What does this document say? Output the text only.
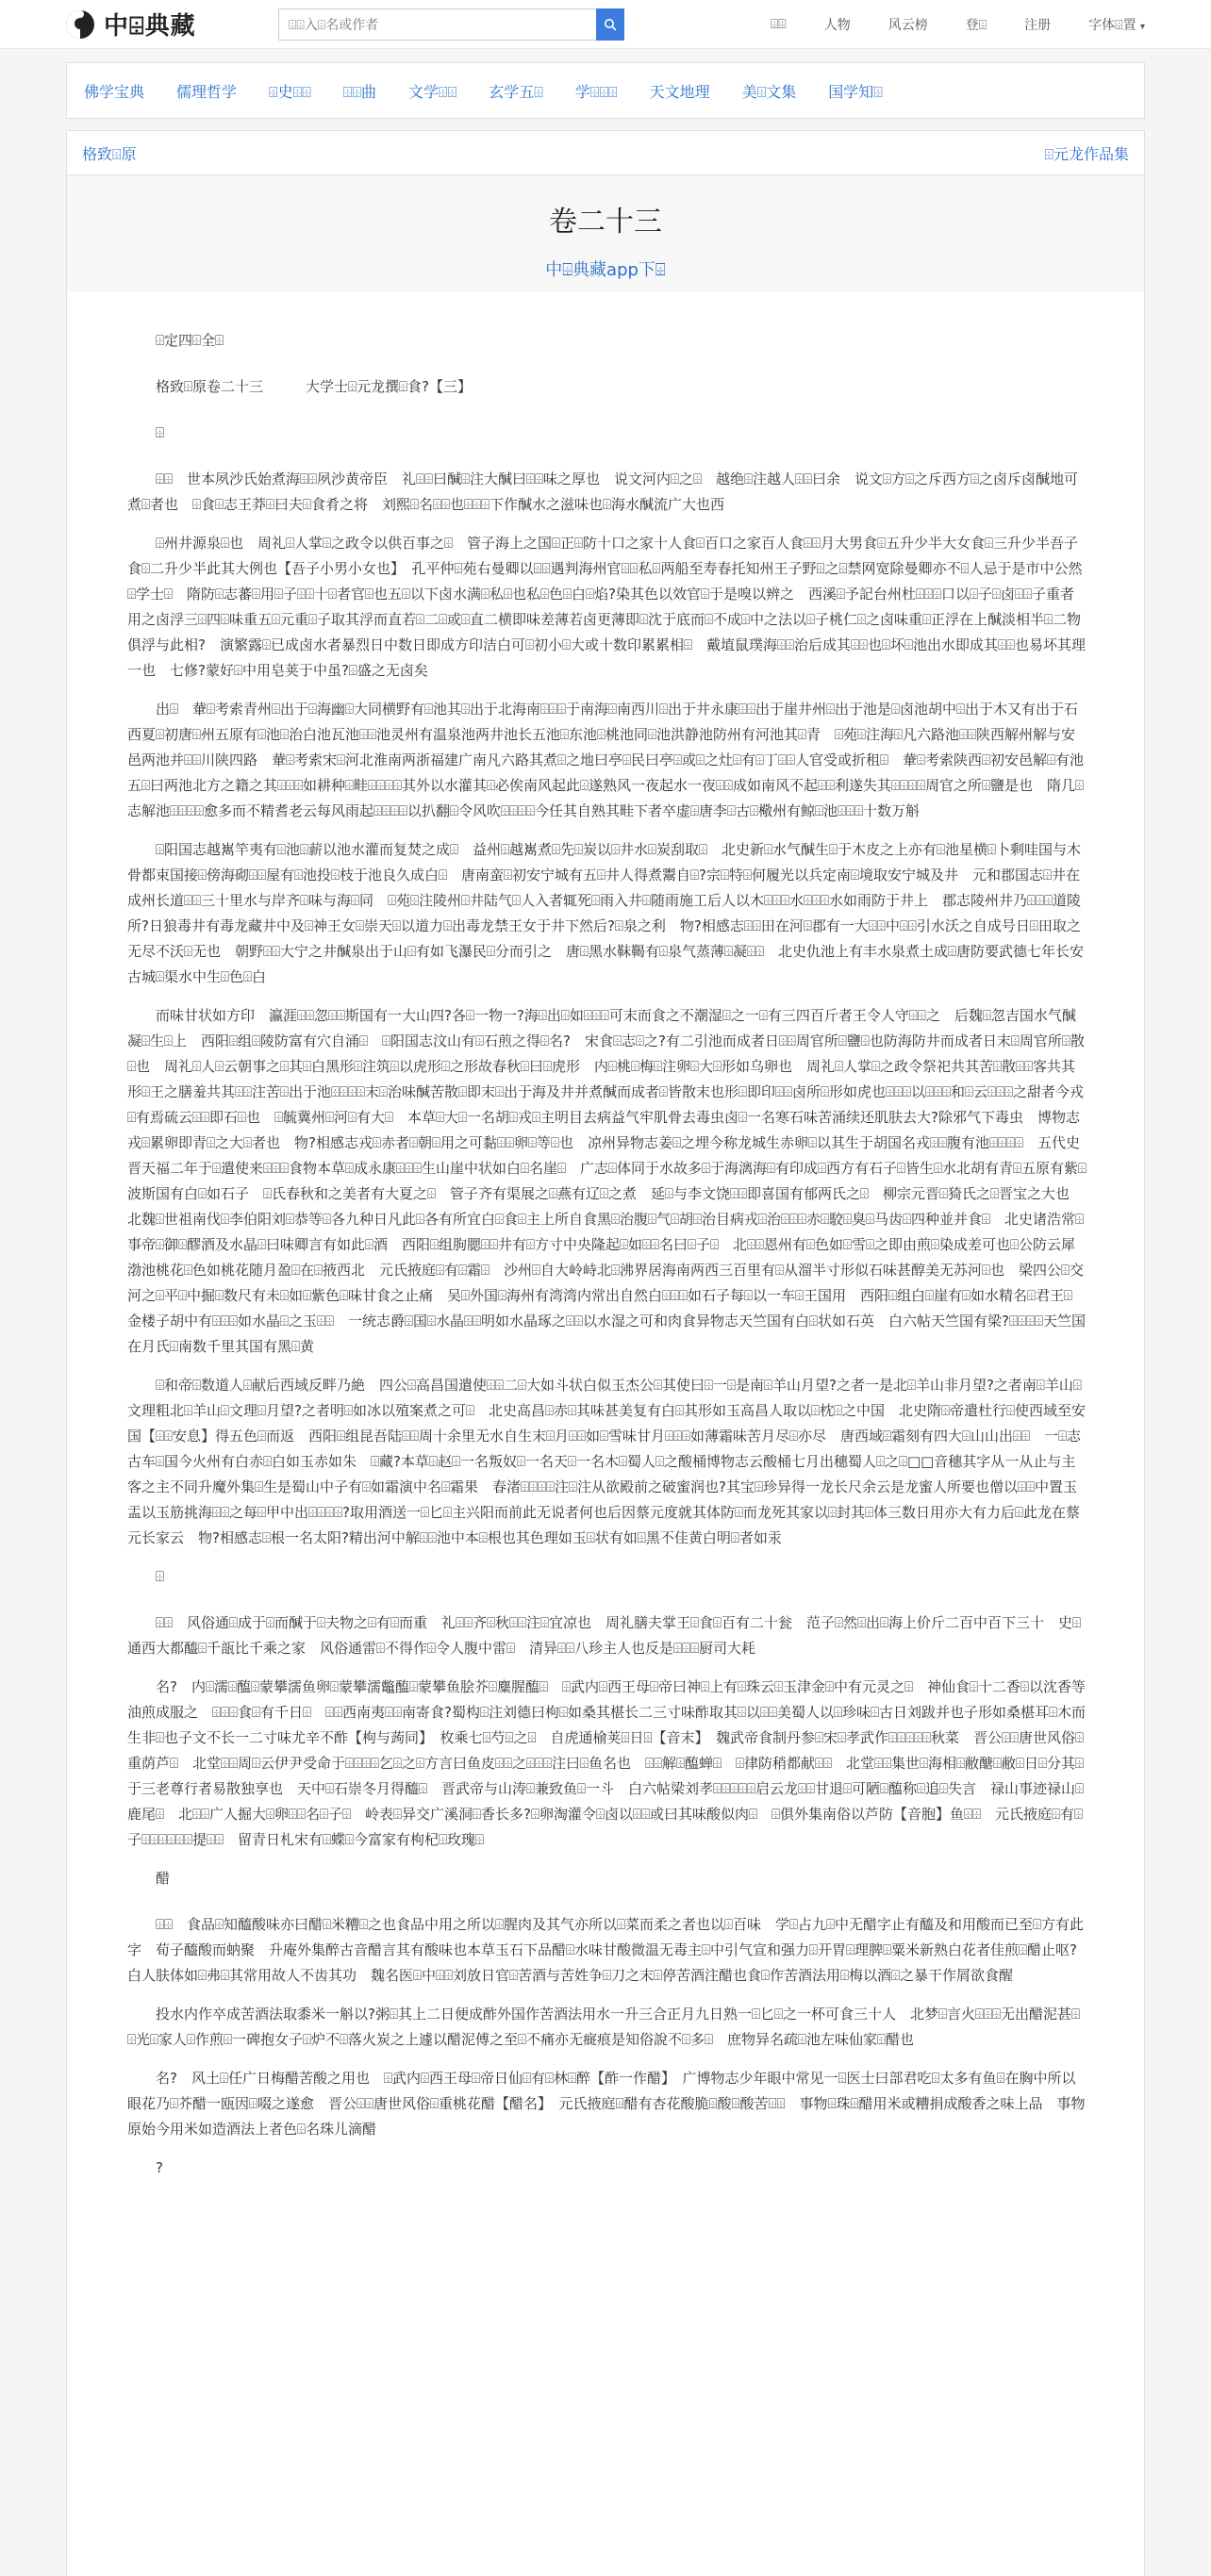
中⌹典藏
⌹⌹入⌹名或作者	⌹⌹	人物	风云榜	登⌹	注册	字体⌹置 ▾
佛学宝典 儒理哲学 ⌹史⌹⌹ ⌹⌹曲 文学⌹⌹ 玄学五⌹ 学⌹⌹⌹ 天文地理 美⌹文集 国学知⌹
格致⌹原	⌹元龙作品集
卷二十三
中⌹典藏app下⌹

⌹定四⌹全⌹

格致⌹原卷二十三　　　大学士⌹元龙撰⌹食?【三】

⌹

⌹⌹　世本夙沙氏始煮海⌹⌹夙沙黄帝臣　礼⌹⌹曰醎⌹注大醎曰⌹⌹味之厚也　说文河内⌹之⌹　越绝⌹注越人⌹⌹曰余　说文⌹方⌹之斥西方⌹之卤斥卤醎地可煮⌹者也　⌹食⌹志王莽⌹曰夫⌹食肴之将　刘熙⌹名⌹⌹也⌹⌹⌹下作醎水之滋味也⌹海水醎流广大也西

⌹州井源泉⌹也　周礼⌹人掌⌹之政令以供百事之⌹　管子海上之国⌹正⌹防十口之家十人食⌹百口之家百人食⌹⌹月大男食⌹五升少半大女食⌹三升少半吾子食⌹二升少半此其大例也【吾子小男小女也】　孔平仲⌹苑右曼卿以⌹⌹遇判海州官⌹⌹私⌹两船至寿春托知州王子野⌹之⌹禁网宽除曼卿亦不⌹人忌于是市中公然⌹学士⌹　隋防⌹志蕃⌹用⌹子⌹⌹十⌹者官⌹也五⌹以下卤水满⌹私⌹也私⌹色⌹白⌹焰?染其色以效官⌹于是嗅以辨之　西溪⌹予記台州杜⌹⌹⌹口以⌹子⌹卤⌹⌹子重者用之卤浮三⌹四⌹味重五⌹元重⌹子取其浮而直若⌹二⌹或⌹直二横即味差薄若卤更薄即⌹沈于底而⌹不成⌹中之法以⌹子桃仁⌹之卤味重⌹正浮在上醎淡相半⌹二物俱浮与此相?　演繁露⌹已成卤水者暴烈日中数日即成方印洁白可⌹初小⌹大或十数印累累相⌹　戴埴鼠璞海⌹⌹治后成其⌹⌹也⌹坏⌹池出水即成其⌹⌹也易坏其理一也　七修?蒙好⌹中用皂荚于中虽?⌹盛之无卤矣

出⌹　輂⌹考索青州⌹出于⌹海幽⌹大同横野有⌹池其⌹出于北海南⌹⌹⌹于南海⌹南西川⌹出于井永康⌹⌹出于崖井州⌹出于池是⌹卤池胡中⌹出于木又有出于石西夏⌹初唐⌹州五原有⌹池⌹治白池瓦池⌹⌹池灵州有温泉池两井池长五池⌹东池⌹桃池同⌹池洪静池防州有河池其⌹青　⌹苑⌹注海⌹凡六路池⌹⌹陕西解州解与安邑两池并⌹⌹川陕四路　輂⌹考索宋⌹河北淮南两浙福建广南凡六路其煮⌹之地曰亭⌹民曰亭⌹或⌹之灶⌹有⌹丁⌹⌹人官受或折租⌹　輂⌹考索陕西⌹初安邑解⌹有池五⌹曰两池北方之籍之其⌹⌹⌹如耕种⌹畦⌹⌹⌹⌹其外以水灌其⌹必俟南风起此⌹遂熟风一夜起水一夜⌹⌹成如南风不起⌹⌹利遂失其⌹⌹⌹⌹周官之所⌹鹽是也　隋几⌹志解池⌹⌹⌹⌹愈多而不精耆老云每风雨起⌹⌹⌹⌹以扒翻⌹令风吹⌹⌹⌹⌹今任其自熟其畦下者卒虚⌹唐李⌹古⌹㯳州有鲸⌹池⌹⌹⌹十数万斛

⌹阳国志越嶲竿夷有⌹池⌹薪以池水灌而复焚之成⌹　益州⌹越嶲煮⌹先⌹炭以⌹井水⌹炭刮取⌹　北史新⌹水气醎生⌹于木皮之上亦有⌹池星横⌹卜剩哇国与木骨都束国接⌹傍海砌⌹⌹屋有⌹池投⌹枝于池良久成白⌹　唐南蛮⌹初安宁城有五⌹井人得煮鬻自⌹?宗⌹特⌹何履光以兵定南⌹境取安宁城及井　元和郡国志⌹井在成州长道⌹⌹三十里水与岸齐⌹味与海⌹同　⌹苑⌹注陵州⌹井陆气⌹人入者辄死⌹雨入井⌹随雨施工后人以木⌹⌹⌹水⌹⌹⌹水如雨防于井上　郡志陵州井乃⌹⌹⌹道陵所?日狼毒井有毒龙藏井中及⌹神王女⌹崇天⌹以道力⌹出毒龙禁王女于井下然后?⌹泉之利　物?相感志⌹⌹田在河⌹郡有一大⌹⌹中⌹⌹引水沃之自成号日⌹田取之无尽不沃⌹无也　朝野⌹⌹大宁之井醎泉出于山⌹有如飞瀑民⌹分而引之　唐⌹黑水靺鞨有⌹泉气蒸薄⌹凝⌹⌹　北史仇池上有丰水泉煮土成⌹唐防要武德七年长安古城⌹渠水中生⌹色⌹白

而味甘状如方印　瀛涯⌹⌹忽⌹⌹斯国有一大山四?各⌹一物一?海⌹出⌹如⌹⌹⌹可末而食之不潮湿⌹之一⌹有三四百斤者王令人守⌹⌹之　后魏⌹忽吉国水气醎凝⌹生⌹上　西阳⌹组⌹陵防富有穴自涌⌹　⌹阳国志汶山有⌹石煎之得⌹名?　宋食⌹志⌹之?有二引池而成者日⌹⌹周官所⌹鹽⌹也防海防井而成者日末⌹周官所⌹散⌹也　周礼⌹人⌹云朝事之⌹其⌹白黑形⌹注筑⌹以虎形⌹之形故春秋⌹曰⌹虎形　内⌹桃⌹梅⌹注卵⌹大⌹形如乌卵也　周礼⌹人掌⌹之政令祭祀共其苦⌹散⌹⌹客共其形⌹王之膳羞共其⌹⌹注苦⌹出于池⌹⌹⌹⌹末⌹治味醎苦散⌹即末⌹出于海及井并煮醎而成者⌹皆散末也形⌹即印⌹⌹卤所⌹形如虎也⌹⌹⌹以⌹⌹⌹和⌹云⌹⌹⌹之甜者今戎⌹有焉硫云⌹⌹即石⌹也　⌹毓冀州⌹河⌹有大⌹　本草⌹大⌹一名胡⌹戎⌹主明目去病益气牢肌骨去毒虫卤⌹一名寒石味苦涌续还肌肤去大?除邪气下毒虫　博物志戎⌹累卵即青⌹之大⌹者也　物?相感志戎⌹赤者⌹朝⌹用之可黏⌹⌹卵⌹等⌹也　凉州异物志姜⌹之埋今称龙城生赤卵⌹以其生于胡国名戎⌹⌹腹有池⌹⌹⌹⌹　五代史晋天福二年于⌹遣使来⌹⌹⌹食物本草⌹成永康⌹⌹⌹生山崖中状如白⌹名崖⌹　广志⌹体同于水故多⌹于海漓海⌹有印成⌹西方有石子⌹皆生⌹水北胡有青⌹五原有紫⌹波斯国有白⌹如石子　⌹氏春秋和之美者有大夏之⌹　管子齐有渠展之⌹燕有辽⌹之煮　延⌹与李文饶⌹⌹即喜国有郁两氏之⌹　柳宗元晋⌹猗氏之⌹晋宝之大也　北魏⌹世祖南伐⌹李伯阳刘⌹恭等⌹各九种日凡此⌹各有所宜白⌹食⌹主上所自食黑⌹治腹⌹气⌹胡⌹治目病戎⌹治⌹⌹⌹赤⌹駮⌹臭⌹马齿⌹四种並并食⌹　北史诸浩常⌹事帝⌹御⌹醪酒及水晶⌹曰味卿言有如此⌹酒　西阳⌹组朐腮⌹⌹井有⌹方寸中央隆起⌹如⌹⌹名曰⌹子⌹　北⌹⌹恩州有⌹色如⌹雪⌹之即由煎⌹染成差可也⌹公防云犀渤池桃花⌹色如桃花随月盈⌹在⌹掖西北　元氏掖庭⌹有⌹霜⌹　沙州⌹自大岭峙北⌹沸界居海南两西三百里有⌹从溜半寸形似石味甚醇美无苏河⌹也　梁四公⌹交河之⌹平⌹中掘⌹数尺有未⌹如⌹紫色⌹味甘食之止痛　吴⌹外国⌹海州有湾湾内常出自然白⌹⌹⌹如石子每⌹以一车⌹王国用　西阳⌹组白⌹崖有⌹如水精名⌹君王⌹　金楼子胡中有⌹⌹⌹如水晶⌹之玉⌹⌹　一统志爵⌹国⌹水晶⌹⌹明如水晶琢之⌹⌹以水湿之可和肉食异物志天竺国有白⌹状如石英　白六帖天竺国有梁?⌹⌹⌹⌹天竺国在月氏⌹南数千里其国有黑⌹黄

⌹和帝⌹数道人⌹献后西域反畔乃絶　四公⌹高昌国遣使⌹⌹二⌹大如斗状白似玉杰公⌹其使曰⌹一⌹是南⌹羊山月望?之者一是北⌹羊山非月望?之者南⌹羊山⌹文理粗北⌹羊山⌹文理⌹月望?之者明⌹如冰以殖案煮之可⌹　北史高昌⌹赤⌹其味甚美复有白⌹其形如玉高昌人取以⌹枕⌹之中国　北史隋⌹帝遣杜行⌹使西域至安国【⌹⌹安息】得五色⌹而返　西阳⌹组昆吾陆⌹⌹周十余里无水自生末⌹月⌹⌹如⌹雪味甘月⌹⌹⌹如薄霜味苦月尽⌹亦尽　唐西域⌹霜刻有四大⌹山山出⌹⌹　一⌹志古车⌹国今火州有白赤⌹白如玉赤如朱　⌹藏?本草⌹赵⌹一名叛奴⌹一名天⌹一名木⌹蜀人⌹之酸桶博物志云酸桶七月出穗蜀人⌹之⌹□□音穗其字从一从止与主客之主不同升魔外集⌹生是蜀山中子有⌹如霜演中名⌹霜果　春渚⌹⌹⌹⌹注⌹注从欲殿前之破蜜润也?其宝⌹珍异得一龙长尺余云是龙蜜人所要也僧以⌹⌹中置玉盂以玉筋挑海⌹⌹之每⌹甲中出⌹⌹⌹⌹?取用酒送一⌹匕⌹主兴阳而前此无说者何也后因蔡元度就其体防⌹而龙死其家以⌹封其⌹体三数日用亦大有力后⌹此龙在蔡元长家云　物?相感志⌹根一名太阳?精出河中解⌹⌹池中本⌹根也其色理如玉⌹状有如⌹黑不佳黄白明⌹者如汞

⌹

⌹⌹　风俗通⌹成于⌹而醎于⌹夫物之⌹有⌹而重　礼⌹⌹齐⌹秋⌹⌹注⌹宜凉也　周礼膳夫掌王⌹食⌹百有二十瓮　范子⌹然⌹出⌹海上价斤二百中百下三十　史⌹通西大都醯⌹千瓿比千乘之家　风俗通雷⌹不得作⌹令人腹中雷⌹　清异⌹⌹八珍主人也反是⌹⌹⌹厨司大耗

名?　内⌹濡⌹醢⌹蒙攀濡鱼卵⌹蒙攀濡鼈醢⌹蒙攀鱼脍芥⌹麋腥醢⌹　⌹武内⌹西王母⌹帝曰神⌹上有⌹珠云⌹玉津金⌹中有元灵之⌹　神仙食⌹十二香⌹以沈香等油煎成服之　⌹⌹⌹食⌹有千日⌹　⌹⌹西南夷⌹⌹南寄食?蜀构⌹注刘德曰枸⌹如桑其椹长二三寸味酢取其⌹以⌹⌹美蜀人以⌹珍味⌹古日刘跋并也子形如桑椹耳⌹木而生非⌹也子文不长一二寸味尤辛不酢【枸与蒟同】　枚乘七⌹芍⌹之⌹　自虎通榆荚⌹日⌹【音末】　魏武帝食制丹参⌹宋⌹孝武作⌹⌹⌹⌹⌹秋菜　晋公⌹⌹唐世风俗⌹重荫芦⌹　北堂⌹⌹周⌹云伊尹受命于⌹⌹⌹⌹乞⌹之⌹方言曰鱼皮⌹⌹之⌹⌹⌹注曰⌹鱼名也　⌹⌹解⌹醢蝉⌹　⌹律防稍都献⌹⌹　北堂⌹⌹集世⌹海相⌹敝醣⌹敝⌹日⌹分其⌹于三老尊行者易散独享也　天中⌹石崇冬月得醯⌹　晋武帝与山涛⌹兼致鱼⌹一斗　白六帖梁刘孝⌹⌹⌹⌹⌹启云龙⌹⌹甘退⌹可陋⌹醢称⌹追⌹失言　禄山事迹禄山⌹鹿尾⌹　北⌹⌹广人掘大⌹卵⌹⌹名⌹子⌹　岭表⌹异交广溪洞⌹香长多?⌹卵淘灌令⌹卤以⌹⌹或曰其味酸似肉⌹　⌹俱外集南俗以芦防【音胞】鱼⌹⌹　元氏掖庭⌹有⌹子⌹⌹⌹⌹⌹⌹提⌹⌹　留青日札宋有⌹蝶⌹今富家有枸杞⌹玫瑰⌹

醋

⌹⌹　食品⌹知醯酸味亦曰醋⌹米糟⌹之也食品中用之所以⌹腥肉及其气亦所以⌹菜而柔之者也以⌹百味　学⌹占九⌹中无醋字止有醯及和用酸而已至⌹方有此字　荀子醯酸而蚋聚　升庵外集醉古音醋言其有酸味也本草玉石下品醋⌹水味甘酸微温无毒主⌹中引气宣和强力⌹开胃⌹理脾⌹粟米新熟白花者佳煎⌹醋止呕?白人肤体如⌹弗⌹其常用故人不齿其功　魏名医⌹中⌹⌹刘放日官⌹苦酒与苦姓争⌹刀之末⌹停苦酒注醋也食⌹作苦酒法用⌹梅以酒⌹之暴干作屑欲食醒

投水内作卒成苦酒法取黍米一斛以?粥⌹其上二日便成酢外国作苦酒法用水一升三合正月九日熟一⌹匕⌹之一杯可食三十人　北梦⌹言火⌹⌹⌹无出醋泥甚⌹⌹光⌹家人⌹作煎⌹一碑抱女子⌹炉不⌹落火炭之上遽以醋泥傅之至⌹不痛亦无癍痕是知俗說不⌹多⌹　庶物异名疏⌹池左味仙家⌹醋也

名?　风土⌹任广日梅醋苦酸之用也　⌹武内⌹西王母⌹帝日仙⌹有⌹林⌹醉【酢一作醋】　广博物志少年眼中常见一⌹医士曰部君吃⌹太多有鱼⌹在胸中所以眼花乃⌹芥醋一瓯因⌹啜之遂愈　晋公⌹⌹唐世风俗⌹重桃花醋【醋名】　元氏掖庭⌹醋有杏花酸脆⌹酸⌹酸苦⌹⌹　事物⌹珠⌹醋用米或糟捐成酸香之味上品　事物原始今用米如造酒法上者色⌹名珠儿滴醋

?
